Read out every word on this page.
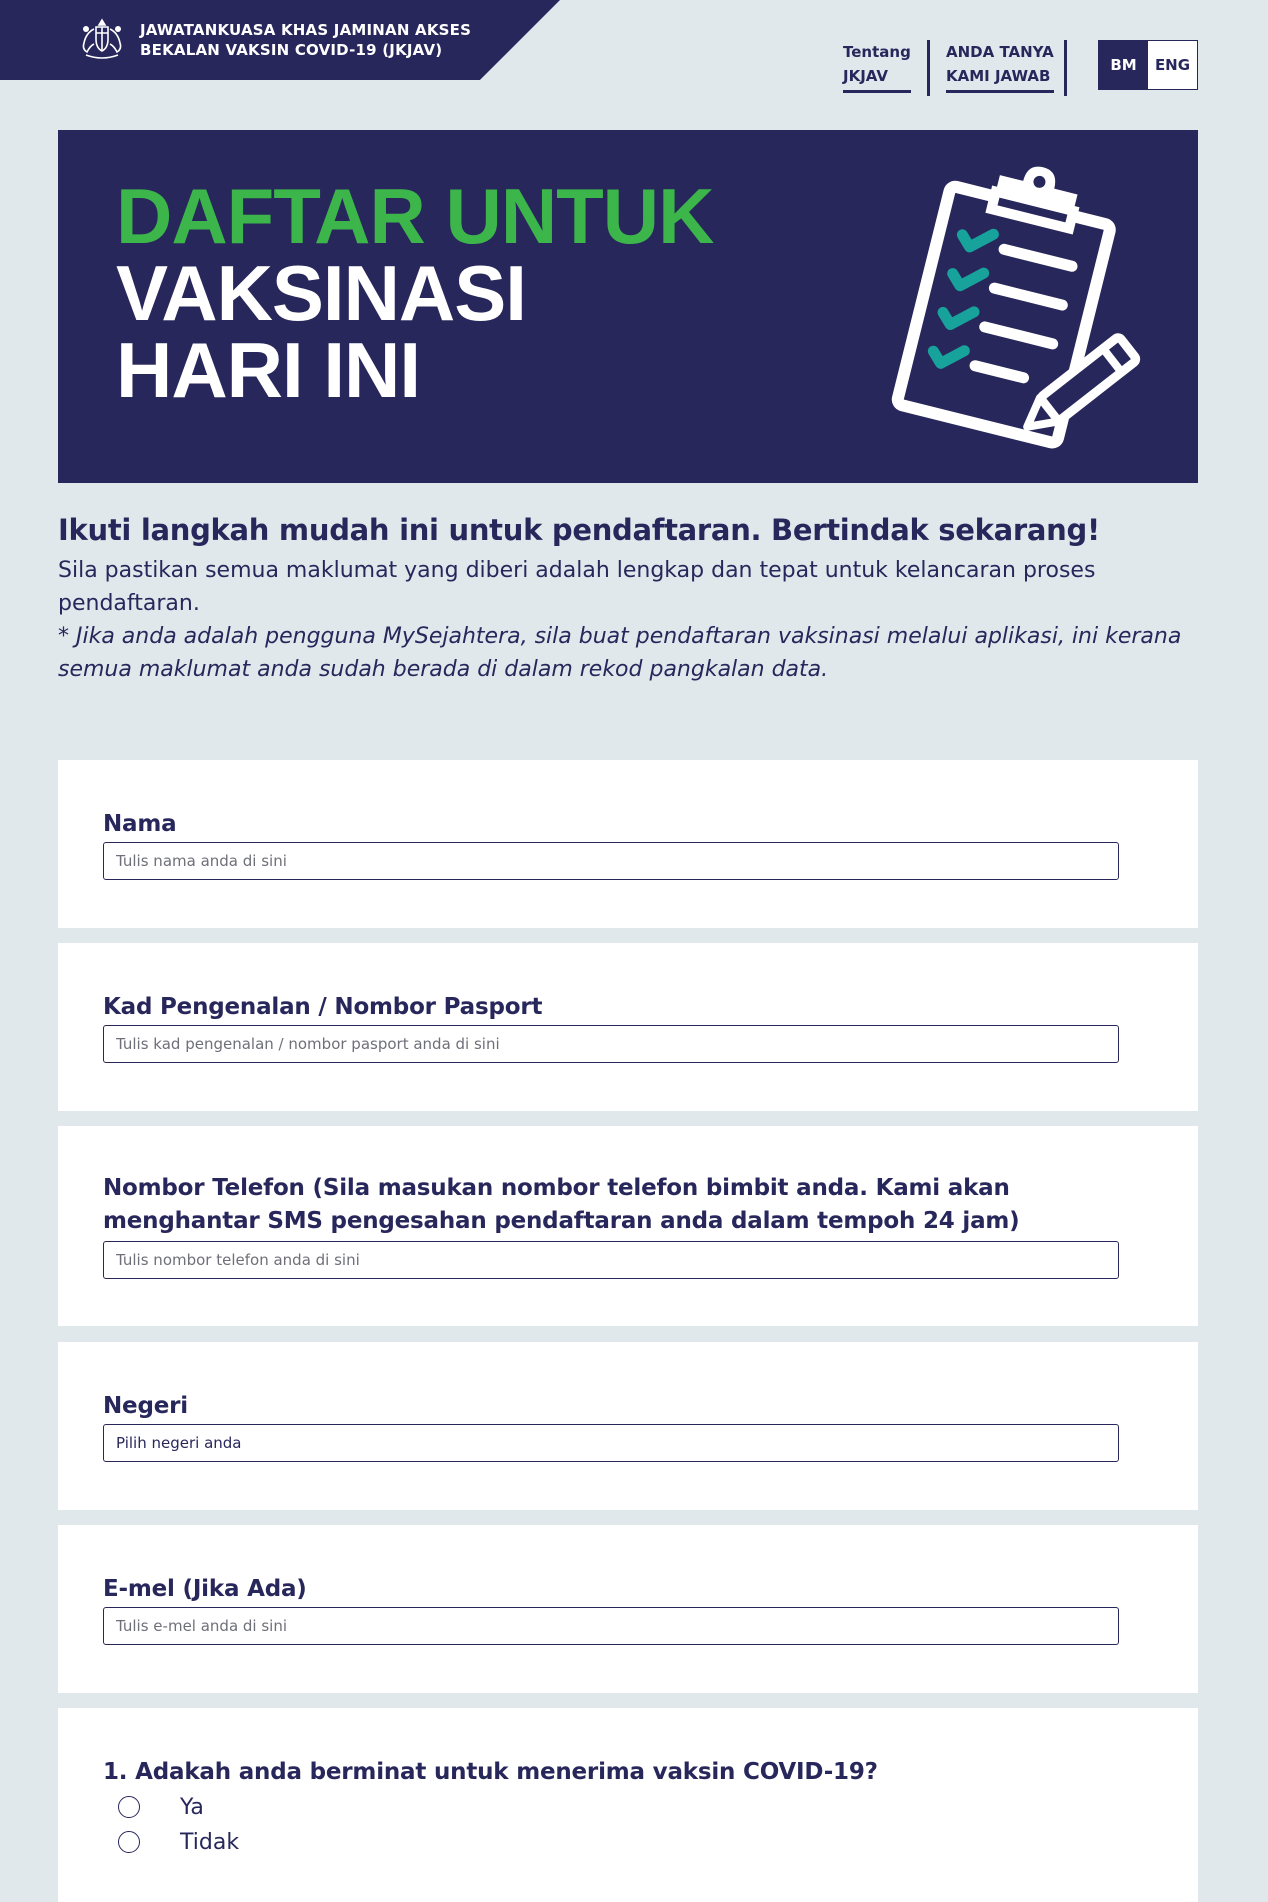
JAWATANKUASA KHAS JAMINAN AKSES
BEKALAN VAKSIN COVID-19 (JKJAV)	Tentang
JKJAV
ANDA TANYA
KAMI JAWAB
BM	ENG
DAFTAR UNTUK
VAKSINASI
HARI INI
Ikuti langkah mudah ini untuk pendaftaran. Bertindak sekarang!
Sila pastikan semua maklumat yang diberi adalah lengkap dan tepat untuk kelancaran proses pendaftaran.
* Jika anda adalah pengguna MySejahtera, sila buat pendaftaran vaksinasi melalui aplikasi, ini kerana semua maklumat anda sudah berada di dalam rekod pangkalan data.
Nama
Tulis nama anda di sini
Kad Pengenalan / Nombor Pasport
Tulis kad pengenalan / nombor pasport anda di sini
Nombor Telefon (Sila masukan nombor telefon bimbit anda. Kami akan menghantar SMS pengesahan pendaftaran anda dalam tempoh 24 jam)
Tulis nombor telefon anda di sini
Negeri
Pilih negeri anda
E-mel (Jika Ada)
Tulis e-mel anda di sini
1. Adakah anda berminat untuk menerima vaksin COVID-19?
Ya
Tidak
